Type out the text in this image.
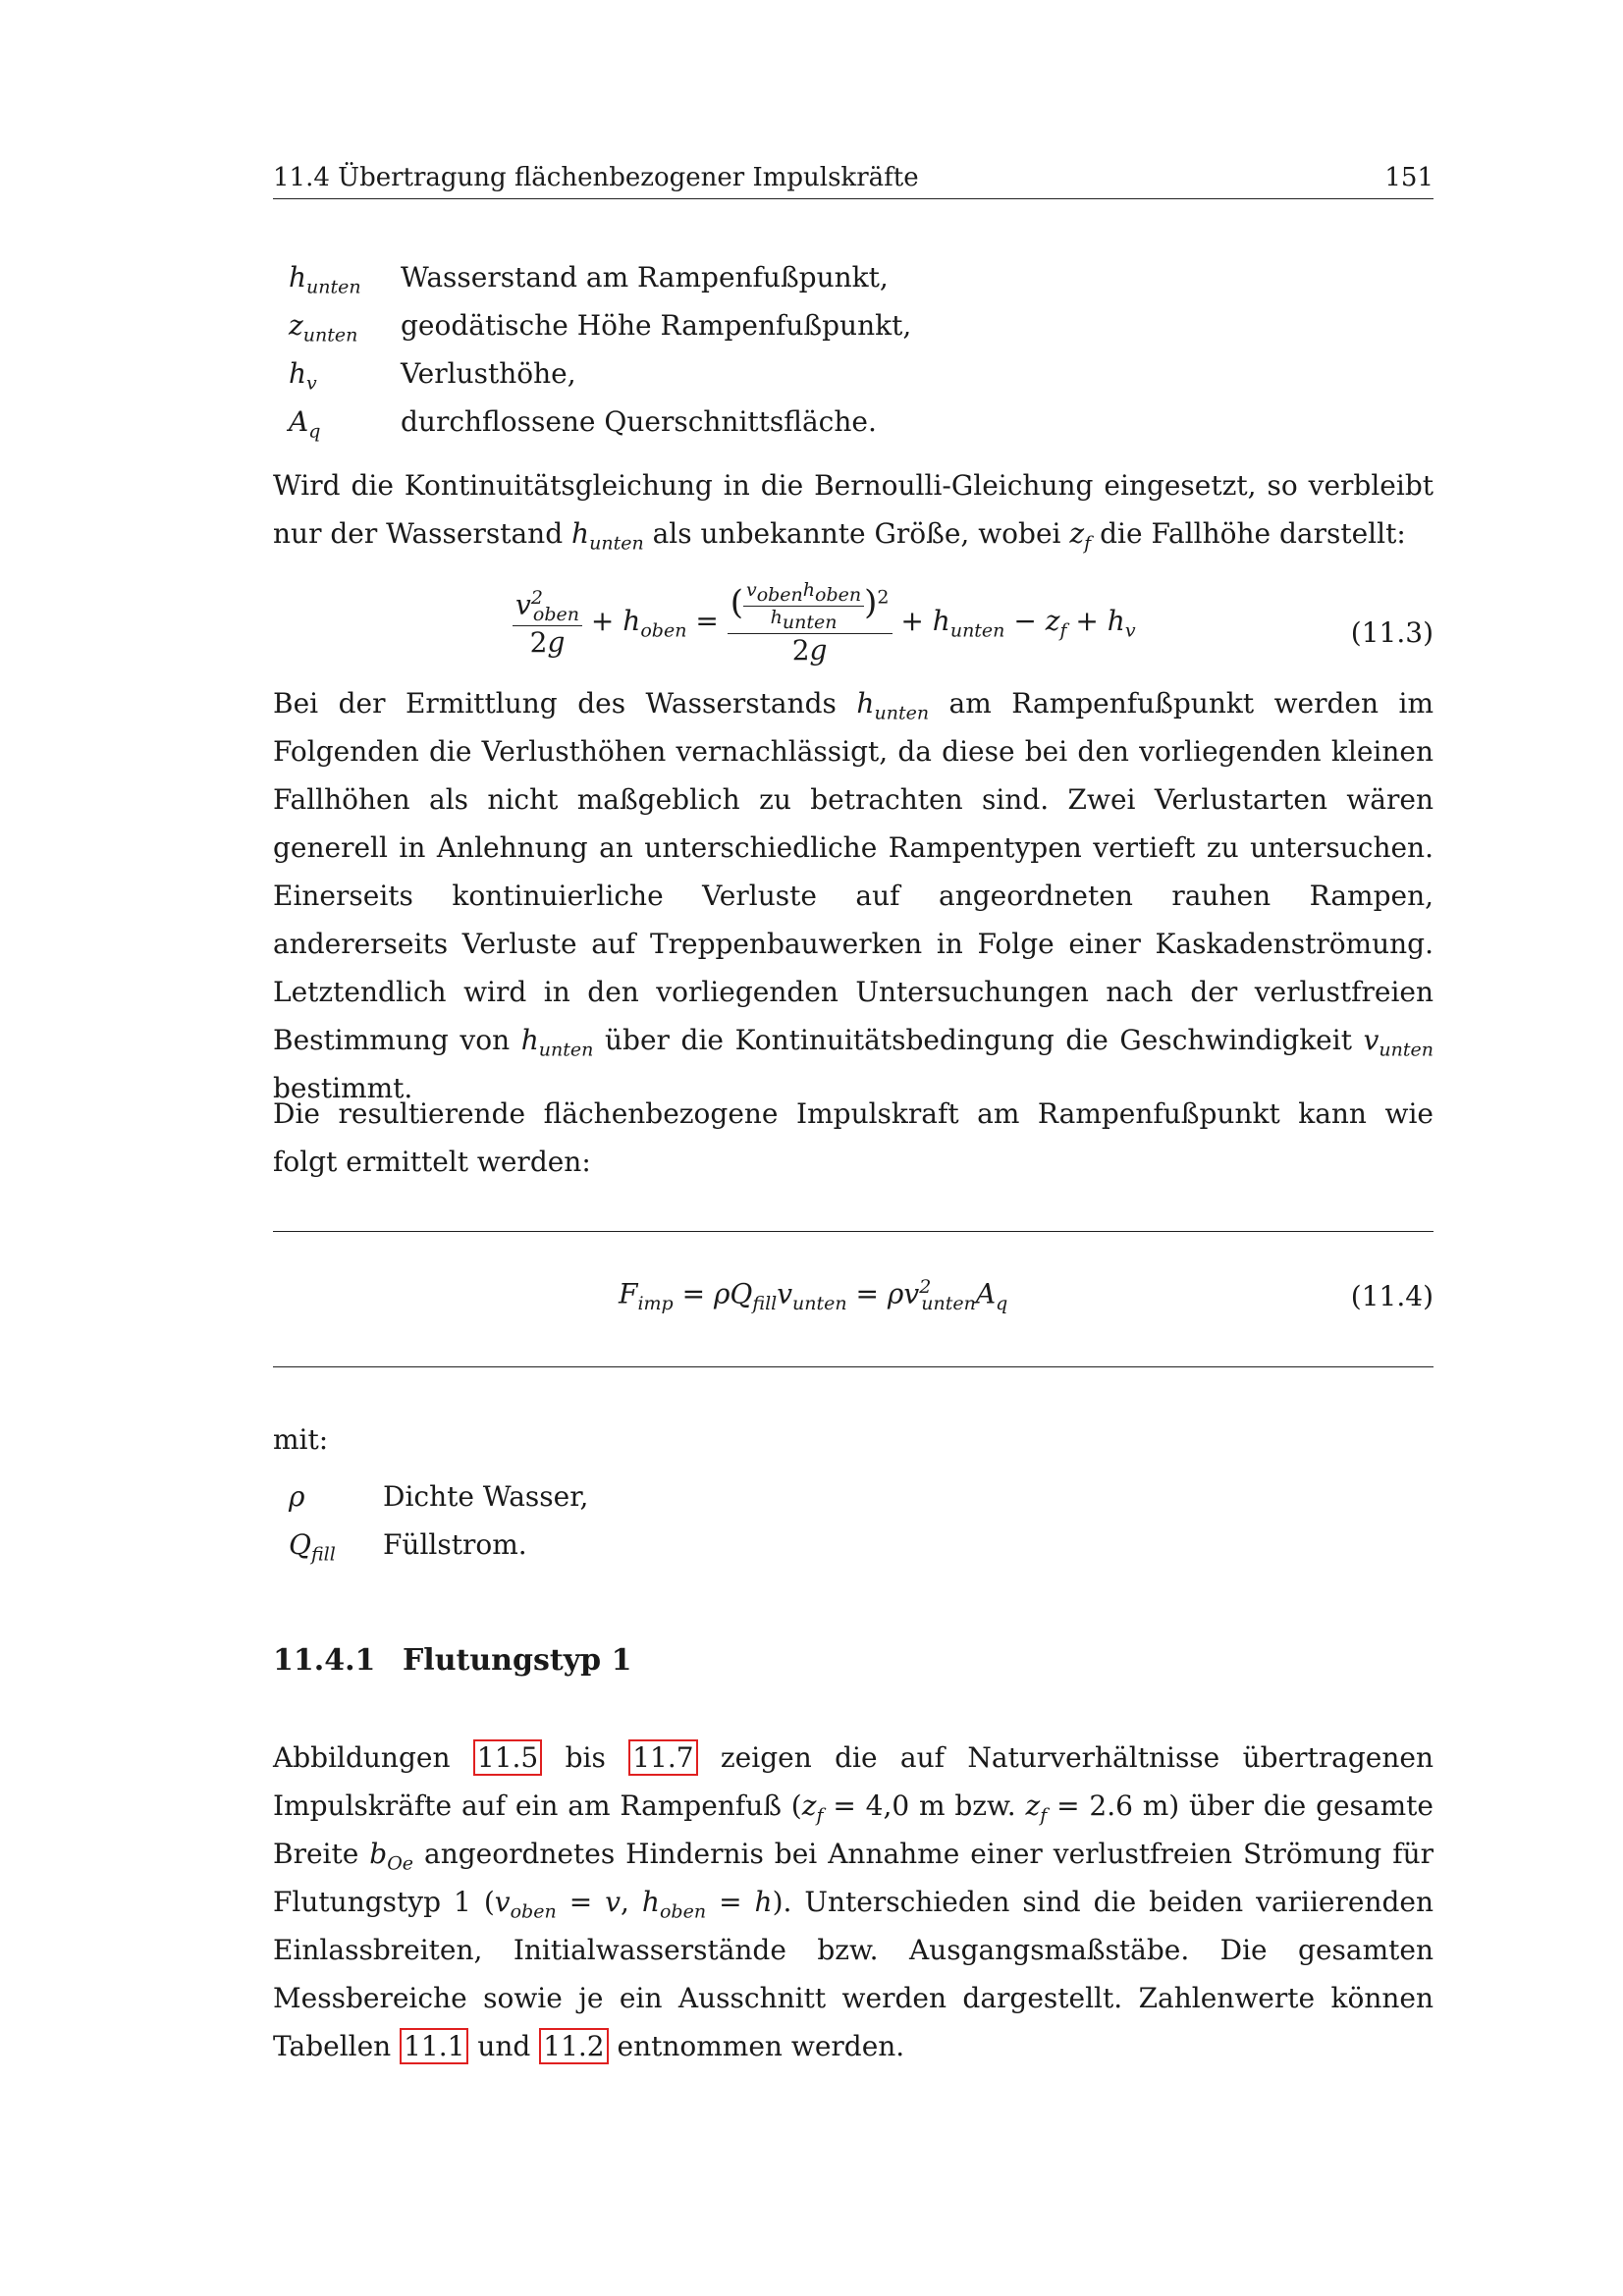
11.4 Übertragung flächenbezogener Impulskräfte	151
$h_{unten}$ Wasserstand am Rampenfußpunkt,
$z_{unten}$ geodätische Höhe Rampenfußpunkt,
$h_v$	Verlusthöhe,
$A_q$	durchflossene Querschnittsfläche.
Wird die Kontinuitätsgleichung in die Bernoulli-Gleichung eingesetzt, so verbleibt nur der Wasserstand $h_{unten}$ als unbekannte Größe, wobei $z_f$ die Fallhöhe darstellt:
$\frac{v^2_{oben}}{2g} + h_{oben} = \frac{( \frac{v_{oben}h_{oben}}{h_{unten}} )^2}{2g} + h_{unten} - z_f + h_v$	(11.3)
Bei der Ermittlung des Wasserstands $h_{unten}$ am Rampenfußpunkt werden im Folgenden die Verlusthöhen vernachlässigt, da diese bei den vorliegenden kleinen Fallhöhen als nicht maßgeblich zu betrachten sind. Zwei Verlustarten wären generell in Anlehnung an unterschiedliche Rampentypen vertieft zu untersuchen. Einerseits kontinuierliche Verluste auf angeordneten rauhen Rampen, andererseits Verluste auf Treppenbauwerken in Folge einer Kaskadenströmung. Letztendlich wird in den vorliegenden Untersuchungen nach der verlustfreien Bestimmung von $h_{unten}$ über die Kontinuitätsbedingung die Geschwindigkeit $v_{unten}$ bestimmt.
Die resultierende flächenbezogene Impulskraft am Rampenfußpunkt kann wie folgt ermittelt werden:
$F_{imp} = \rho Q_{fill}v_{unten} = \rho v^2_{unten}A_q$	(11.4)
mit:
ρ	Dichte Wasser,
$Q_{fill}$ Füllstrom.
11.4.1 Flutungstyp 1
Abbildungen 11.5 bis 11.7 zeigen die auf Naturverhältnisse übertragenen Impulskräfte auf ein am Rampenfuß ($z_f = 4,0$ m bzw. $z_f = 2.6$ m) über die gesamte Breite $b_{Oe}$ angeordnetes Hindernis bei Annahme einer verlustfreien Strömung für Flutungstyp 1 ($v_{oben} = v$, $h_{oben} = h$). Unterschieden sind die beiden variierenden Einlassbreiten, Initialwasserstände bzw. Ausgangsmaßstäbe. Die gesamten Messbereiche sowie je ein Ausschnitt werden dargestellt. Zahlenwerte können Tabellen 11.1 und 11.2 entnommen werden.
